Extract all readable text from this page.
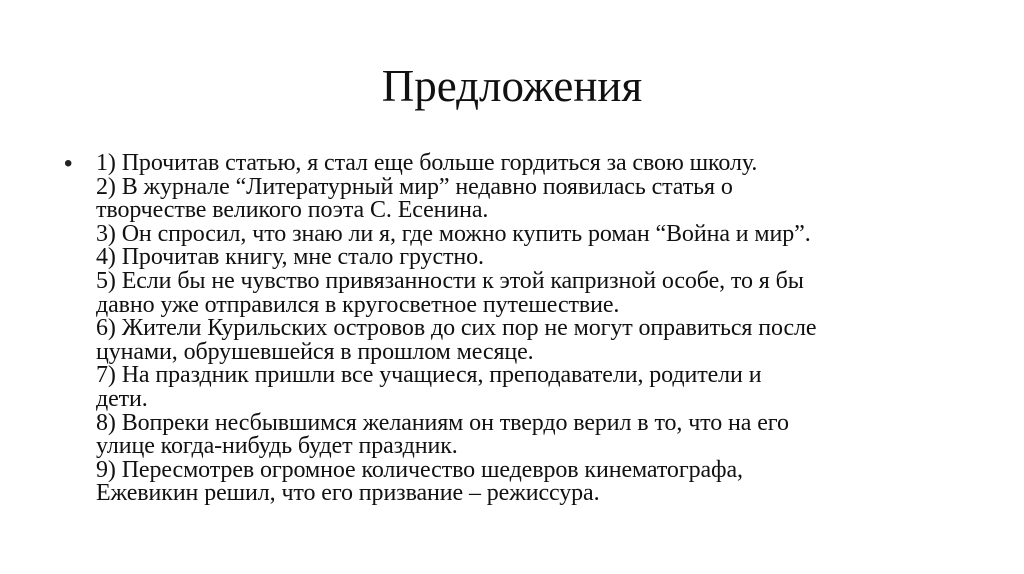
Предложения
• 1) Прочитав статью, я стал еще больше гордиться за свою школу.
2) В журнале “Литературный мир” недавно появилась статья о
творчестве великого поэта С. Есенина.
3) Он спросил, что знаю ли я, где можно купить роман “Война и мир”.
4) Прочитав книгу, мне стало грустно.
5) Если бы не чувство привязанности к этой капризной особе, то я бы
давно уже отправился в кругосветное путешествие.
6) Жители Курильских островов до сих пор не могут оправиться после
цунами, обрушевшейся в прошлом месяце.
7) На праздник пришли все учащиеся, преподаватели, родители и
дети.
8) Вопреки несбывшимся желаниям он твердо верил в то, что на его
улице когда-нибудь будет праздник.
9) Пересмотрев огромное количество шедевров кинематографа,
Ежевикин решил, что его призвание – режиссура.
